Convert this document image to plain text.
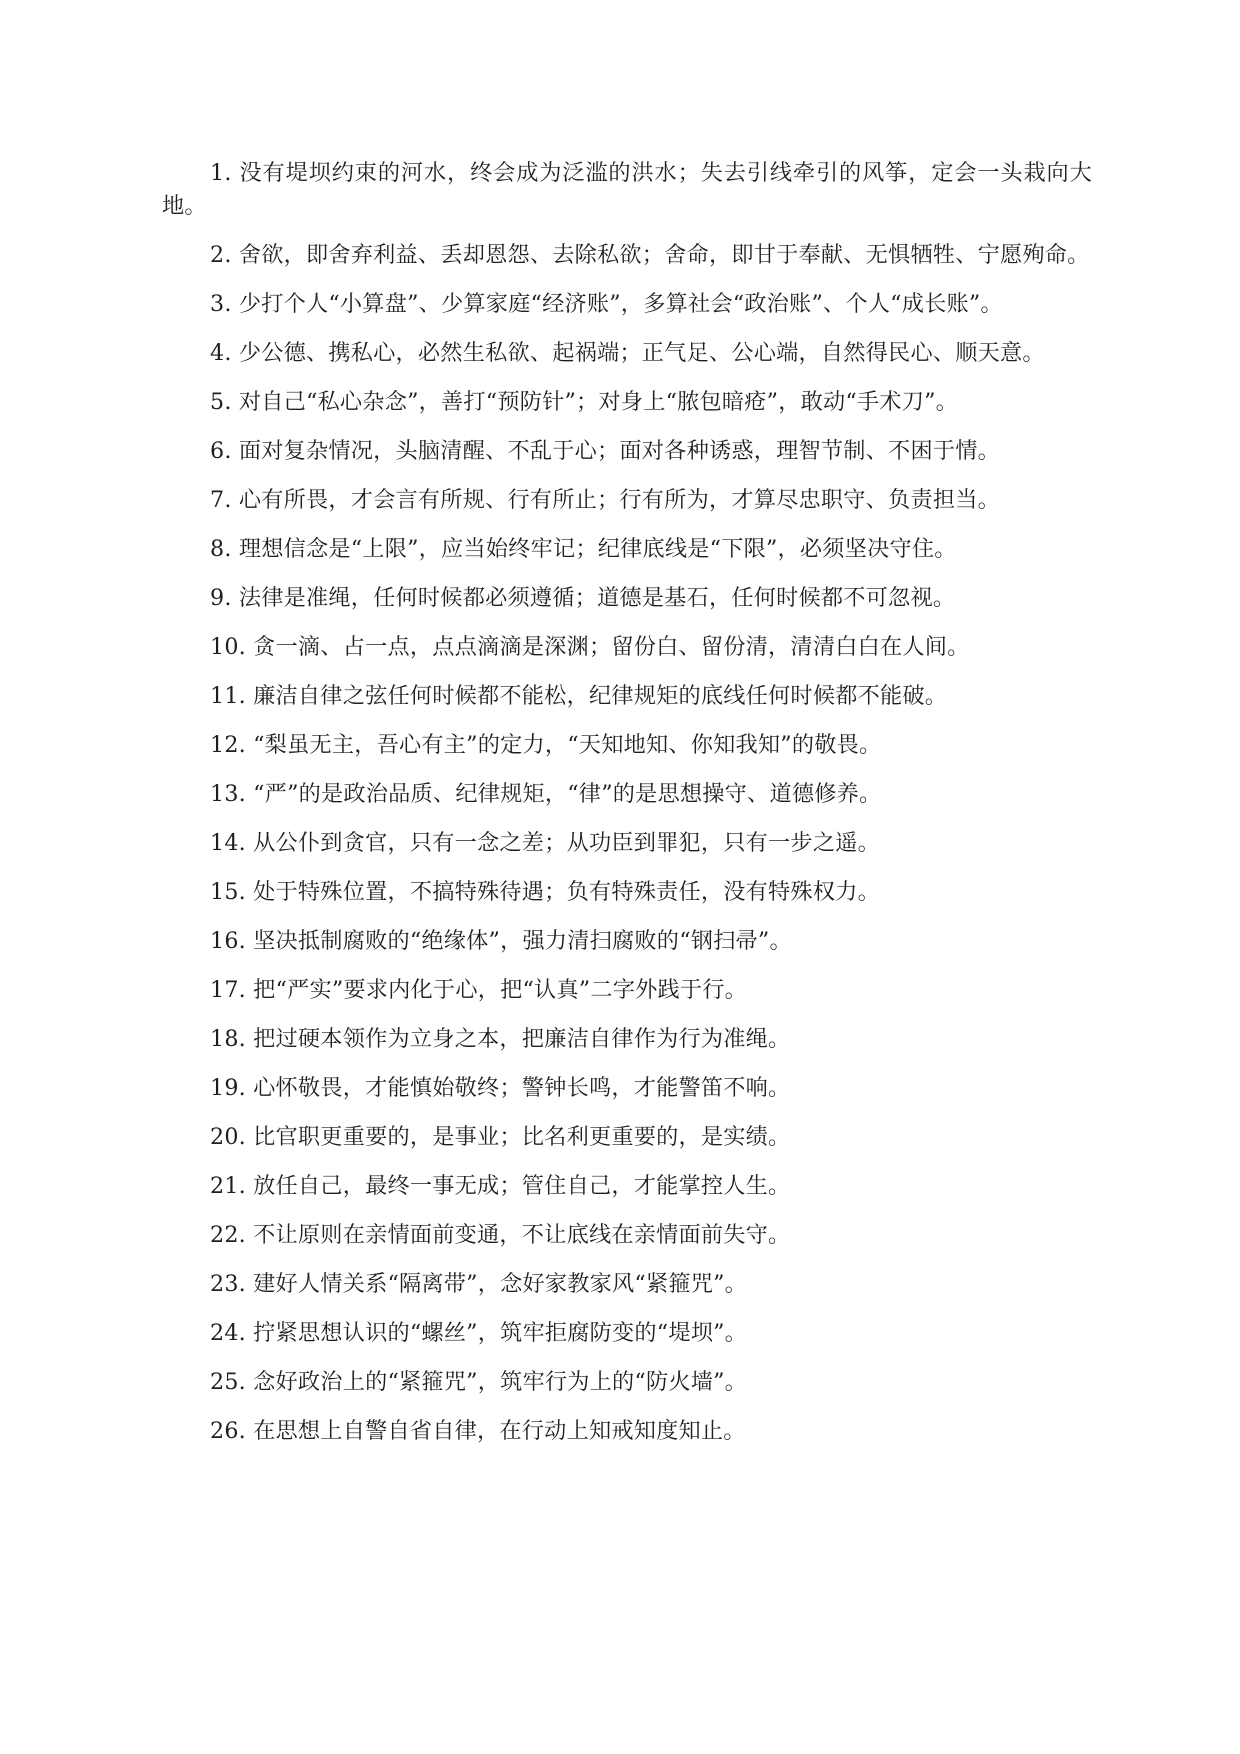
1. 没有堤坝约束的河水，终会成为泛滥的洪水；失去引线牵引的风筝，定会一头栽向大地。

2. 舍欲，即舍弃利益、丢却恩怨、去除私欲；舍命，即甘于奉献、无惧牺牲、宁愿殉命。

3. 少打个人“小算盘”、少算家庭“经济账”，多算社会“政治账”、个人“成长账”。

4. 少公德、携私心，必然生私欲、起祸端；正气足、公心端，自然得民心、顺天意。

5. 对自己“私心杂念”，善打“预防针”；对身上“脓包暗疮”，敢动“手术刀”。

6. 面对复杂情况，头脑清醒、不乱于心；面对各种诱惑，理智节制、不困于情。

7. 心有所畏，才会言有所规、行有所止；行有所为，才算尽忠职守、负责担当。

8. 理想信念是“上限”，应当始终牢记；纪律底线是“下限”，必须坚决守住。

9. 法律是准绳，任何时候都必须遵循；道德是基石，任何时候都不可忽视。

10. 贪一滴、占一点，点点滴滴是深渊；留份白、留份清，清清白白在人间。

11. 廉洁自律之弦任何时候都不能松，纪律规矩的底线任何时候都不能破。

12. “梨虽无主，吾心有主”的定力，“天知地知、你知我知”的敬畏。

13. “严”的是政治品质、纪律规矩，“律”的是思想操守、道德修养。

14. 从公仆到贪官，只有一念之差；从功臣到罪犯，只有一步之遥。

15. 处于特殊位置，不搞特殊待遇；负有特殊责任，没有特殊权力。

16. 坚决抵制腐败的“绝缘体”，强力清扫腐败的“钢扫帚”。

17. 把“严实”要求内化于心，把“认真”二字外践于行。

18. 把过硬本领作为立身之本，把廉洁自律作为行为准绳。

19. 心怀敬畏，才能慎始敬终；警钟长鸣，才能警笛不响。

20. 比官职更重要的，是事业；比名利更重要的，是实绩。

21. 放任自己，最终一事无成；管住自己，才能掌控人生。

22. 不让原则在亲情面前变通，不让底线在亲情面前失守。

23. 建好人情关系“隔离带”，念好家教家风“紧箍咒”。

24. 拧紧思想认识的“螺丝”，筑牢拒腐防变的“堤坝”。

25. 念好政治上的“紧箍咒”，筑牢行为上的“防火墙”。

26. 在思想上自警自省自律，在行动上知戒知度知止。
